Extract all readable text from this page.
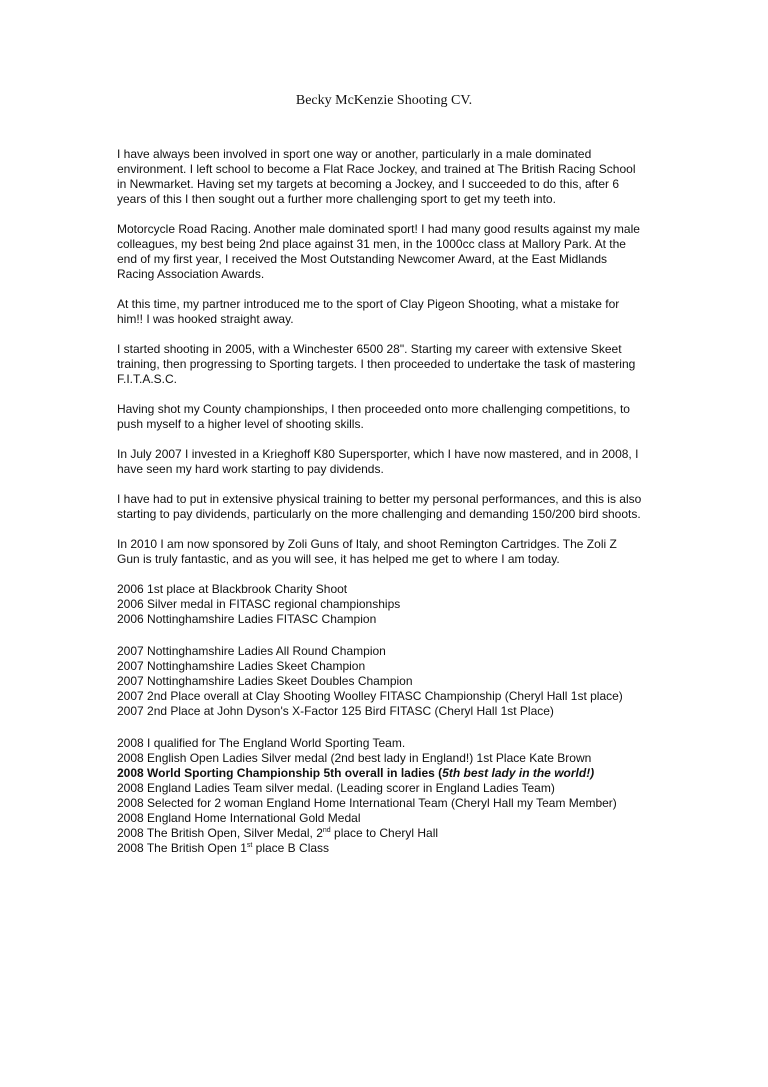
Becky McKenzie Shooting CV.

I have always been involved in sport one way or another, particularly in a male dominated environment. I left school to become a Flat Race Jockey, and trained at The British Racing School in Newmarket. Having set my targets at becoming a Jockey, and I succeeded to do this, after 6 years of this I then sought out a further more challenging sport to get my teeth into.

Motorcycle Road Racing. Another male dominated sport! I had many good results against my male colleagues, my best being 2nd place against 31 men, in the 1000cc class at Mallory Park. At the end of my first year, I received the Most Outstanding Newcomer Award, at the East Midlands Racing Association Awards.

At this time, my partner introduced me to the sport of Clay Pigeon Shooting, what a mistake for him!! I was hooked straight away.

I started shooting in 2005, with a Winchester 6500 28". Starting my career with extensive Skeet training, then progressing to Sporting targets. I then proceeded to undertake the task of mastering F.I.T.A.S.C.

Having shot my County championships, I then proceeded onto more challenging competitions, to push myself to a higher level of shooting skills.

In July 2007 I invested in a Krieghoff K80 Supersporter, which I have now mastered, and in 2008, I have seen my hard work starting to pay dividends.

I have had to put in extensive physical training to better my personal performances, and this is also starting to pay dividends, particularly on the more challenging and demanding 150/200 bird shoots.

In 2010 I am now sponsored by Zoli Guns of Italy, and shoot Remington Cartridges. The Zoli Z Gun is truly fantastic, and as you will see, it has helped me get to where I am today.

2006 1st place at Blackbrook Charity Shoot
2006 Silver medal in FITASC regional championships
2006 Nottinghamshire Ladies FITASC Champion
2007 Nottinghamshire Ladies All Round Champion
2007 Nottinghamshire Ladies Skeet Champion
2007 Nottinghamshire Ladies Skeet Doubles Champion
2007 2nd Place overall at Clay Shooting Woolley FITASC Championship (Cheryl Hall 1st place)
2007 2nd Place at John Dyson's X-Factor 125 Bird FITASC (Cheryl Hall 1st Place)
2008 I qualified for The England World Sporting Team.
2008 English Open Ladies Silver medal (2nd best lady in England!) 1st Place Kate Brown
2008 World Sporting Championship 5th overall in ladies (5th best lady in the world!)
2008 England Ladies Team silver medal. (Leading scorer in England Ladies Team)
2008 Selected for 2 woman England Home International Team (Cheryl Hall my Team Member)
2008 England Home International Gold Medal
2008 The British Open, Silver Medal, 2nd place to Cheryl Hall
2008 The British Open 1st place B Class
